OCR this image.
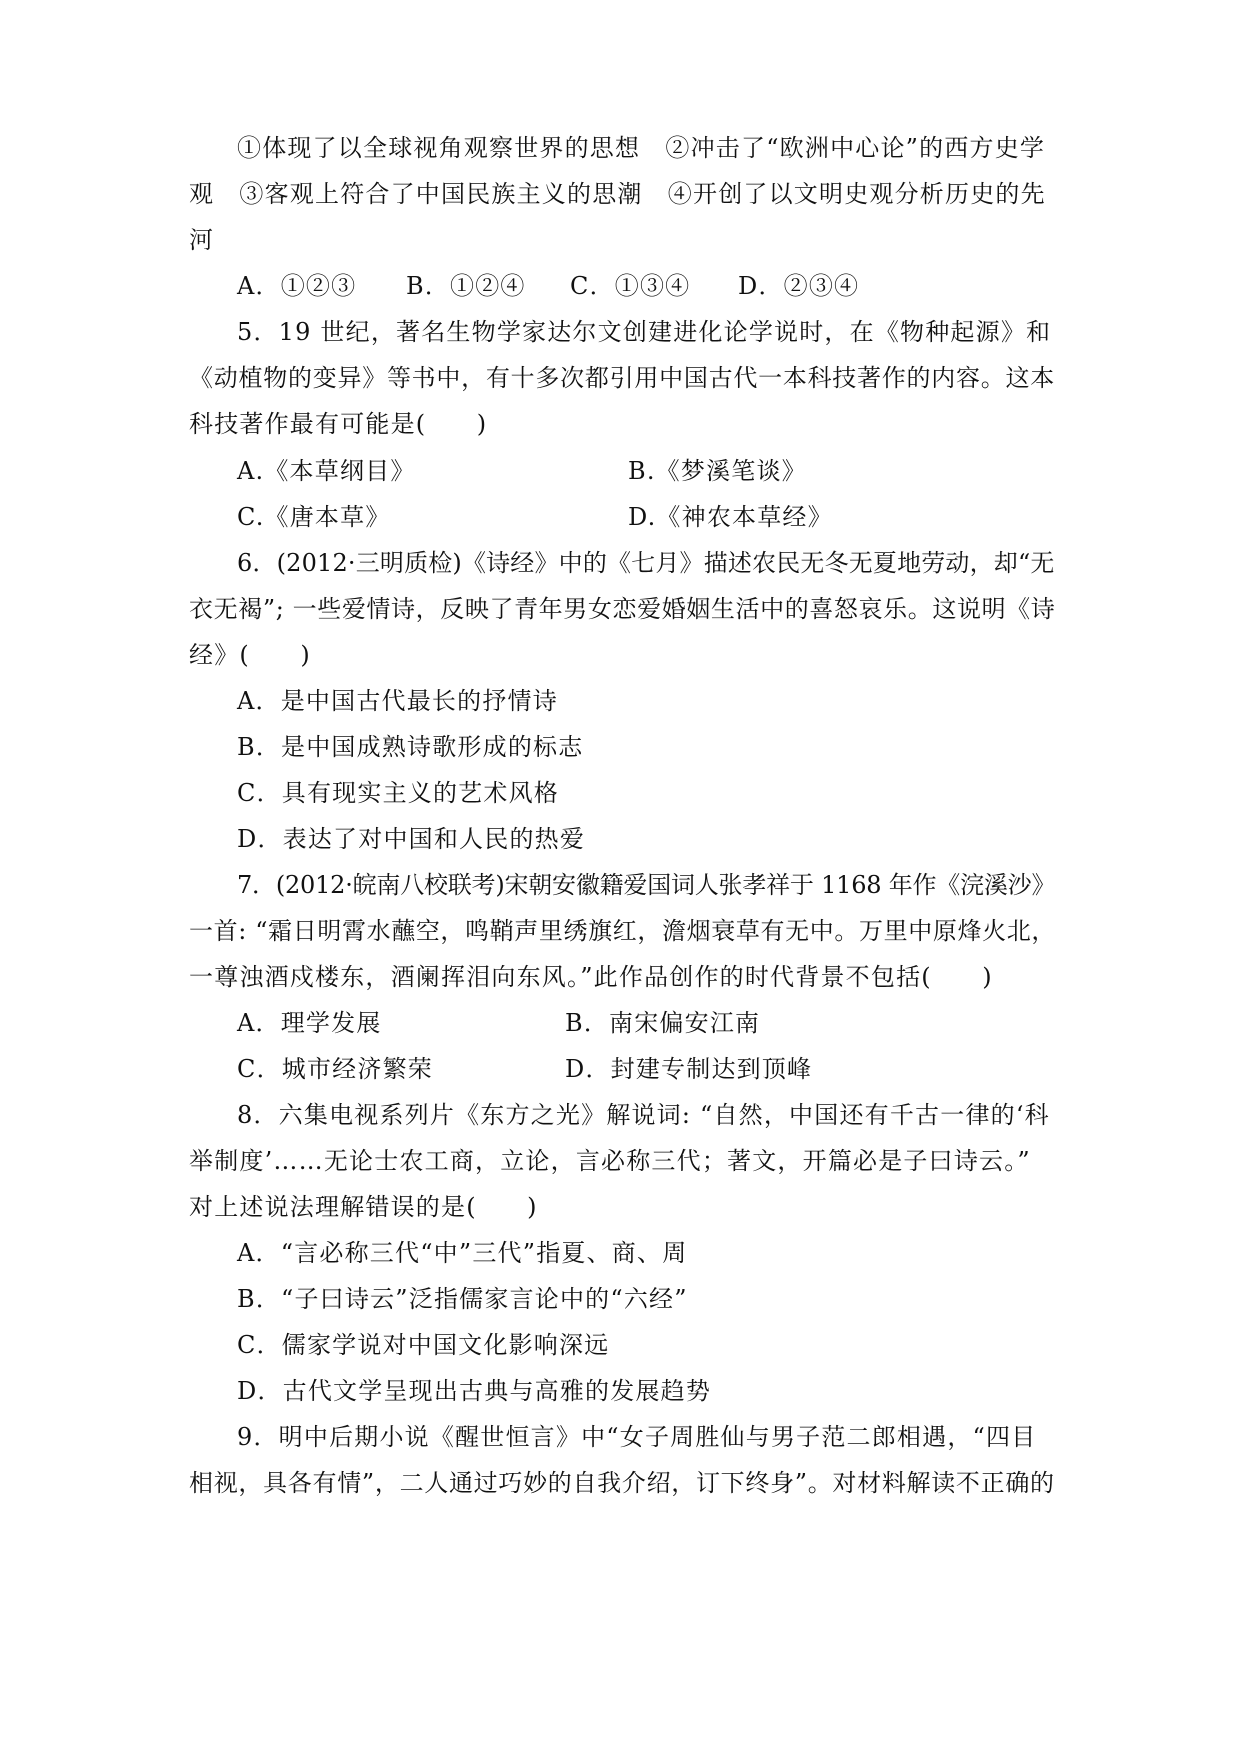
①体现了以全球视角观察世界的思想　②冲击了“欧洲中心论”的西方史学
观　③客观上符合了中国民族主义的思潮　④开创了以文明史观分析历史的先
河
A．①②③ B．①②④ C．①③④ D．②③④
5．19 世纪，著名生物学家达尔文创建进化论学说时，在《物种起源》和
《动植物的变异》等书中，有十多次都引用中国古代一本科技著作的内容。这本
科技著作最有可能是(　　)
A.《本草纲目》	B.《梦溪笔谈》
C.《唐本草》	D.《神农本草经》
6．(2012·三明质检)《诗经》中的《七月》描述农民无冬无夏地劳动，却“无
衣无褐”; 一些爱情诗，反映了青年男女恋爱婚姻生活中的喜怒哀乐。这说明《诗
经》(　　)
A．是中国古代最长的抒情诗
B．是中国成熟诗歌形成的标志
C．具有现实主义的艺术风格
D．表达了对中国和人民的热爱
7．(2012·皖南八校联考)宋朝安徽籍爱国词人张孝祥于 1168 年作《浣溪沙》
一首: “霜日明霄水蘸空，鸣鞘声里绣旗红，澹烟衰草有无中。万里中原烽火北，
一尊浊酒戍楼东，酒阑挥泪向东风。”此作品创作的时代背景不包括(　　)
A．理学发展	B．南宋偏安江南
C．城市经济繁荣	D．封建专制达到顶峰
8．六集电视系列片《东方之光》解说词: “自然，中国还有千古一律的‘科
举制度’……无论士农工商，立论，言必称三代；著文，开篇必是子曰诗云。”
对上述说法理解错误的是(　　)
A．“言必称三代“中”三代”指夏、商、周
B．“子曰诗云”泛指儒家言论中的“六经”
C．儒家学说对中国文化影响深远
D．古代文学呈现出古典与高雅的发展趋势
9．明中后期小说《醒世恒言》中“女子周胜仙与男子范二郎相遇，“四目
相视，具各有情”，二人通过巧妙的自我介绍，订下终身”。对材料解读不正确的
